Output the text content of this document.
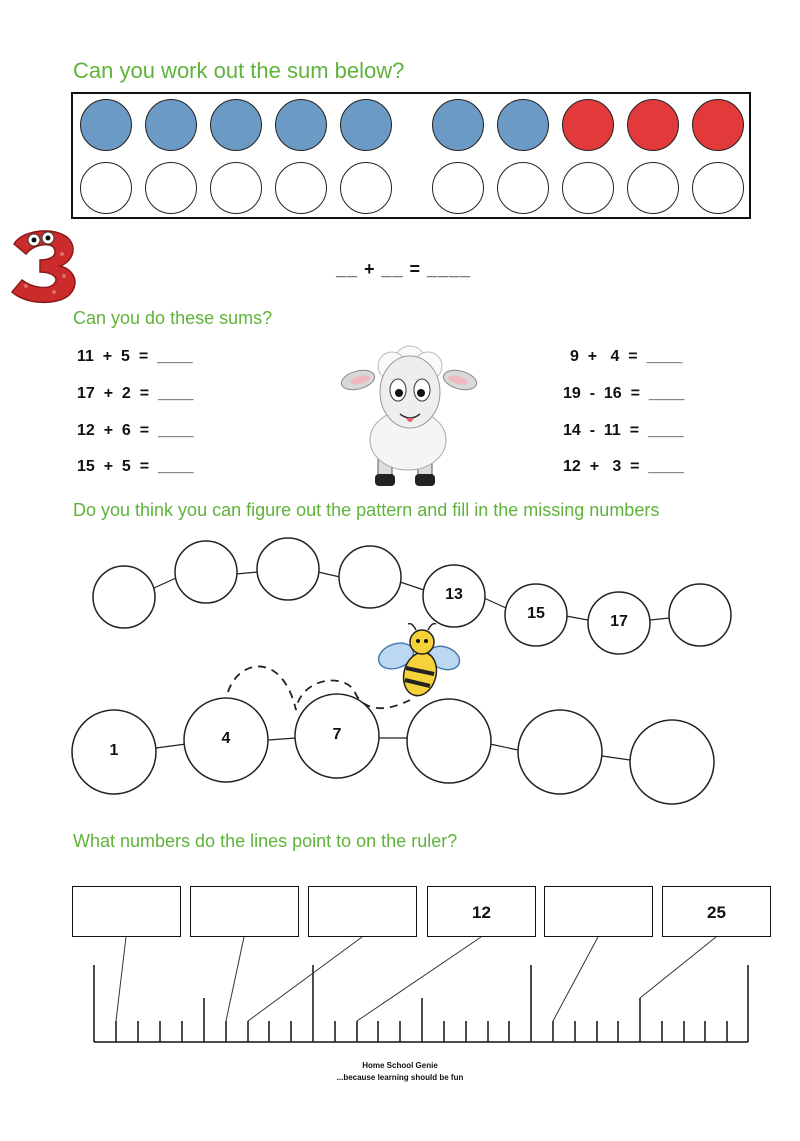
Can you work out the sum below?
__ + __ = ____
Can you do these sums?
11  +  5  =  ____
17  +  2  =  ____
12  +  6  =  ____
15  +  5  =  ____
9  +   4  =  ____
19  -  16  =  ____
14  -  11  =  ____
12  +   3  =  ____
Do you think you can figure out the pattern and fill in the missing numbers
13
15	17
1
4	7
What numbers do the lines point to on the ruler?
12	25
Home School Genie
...because learning should be fun
